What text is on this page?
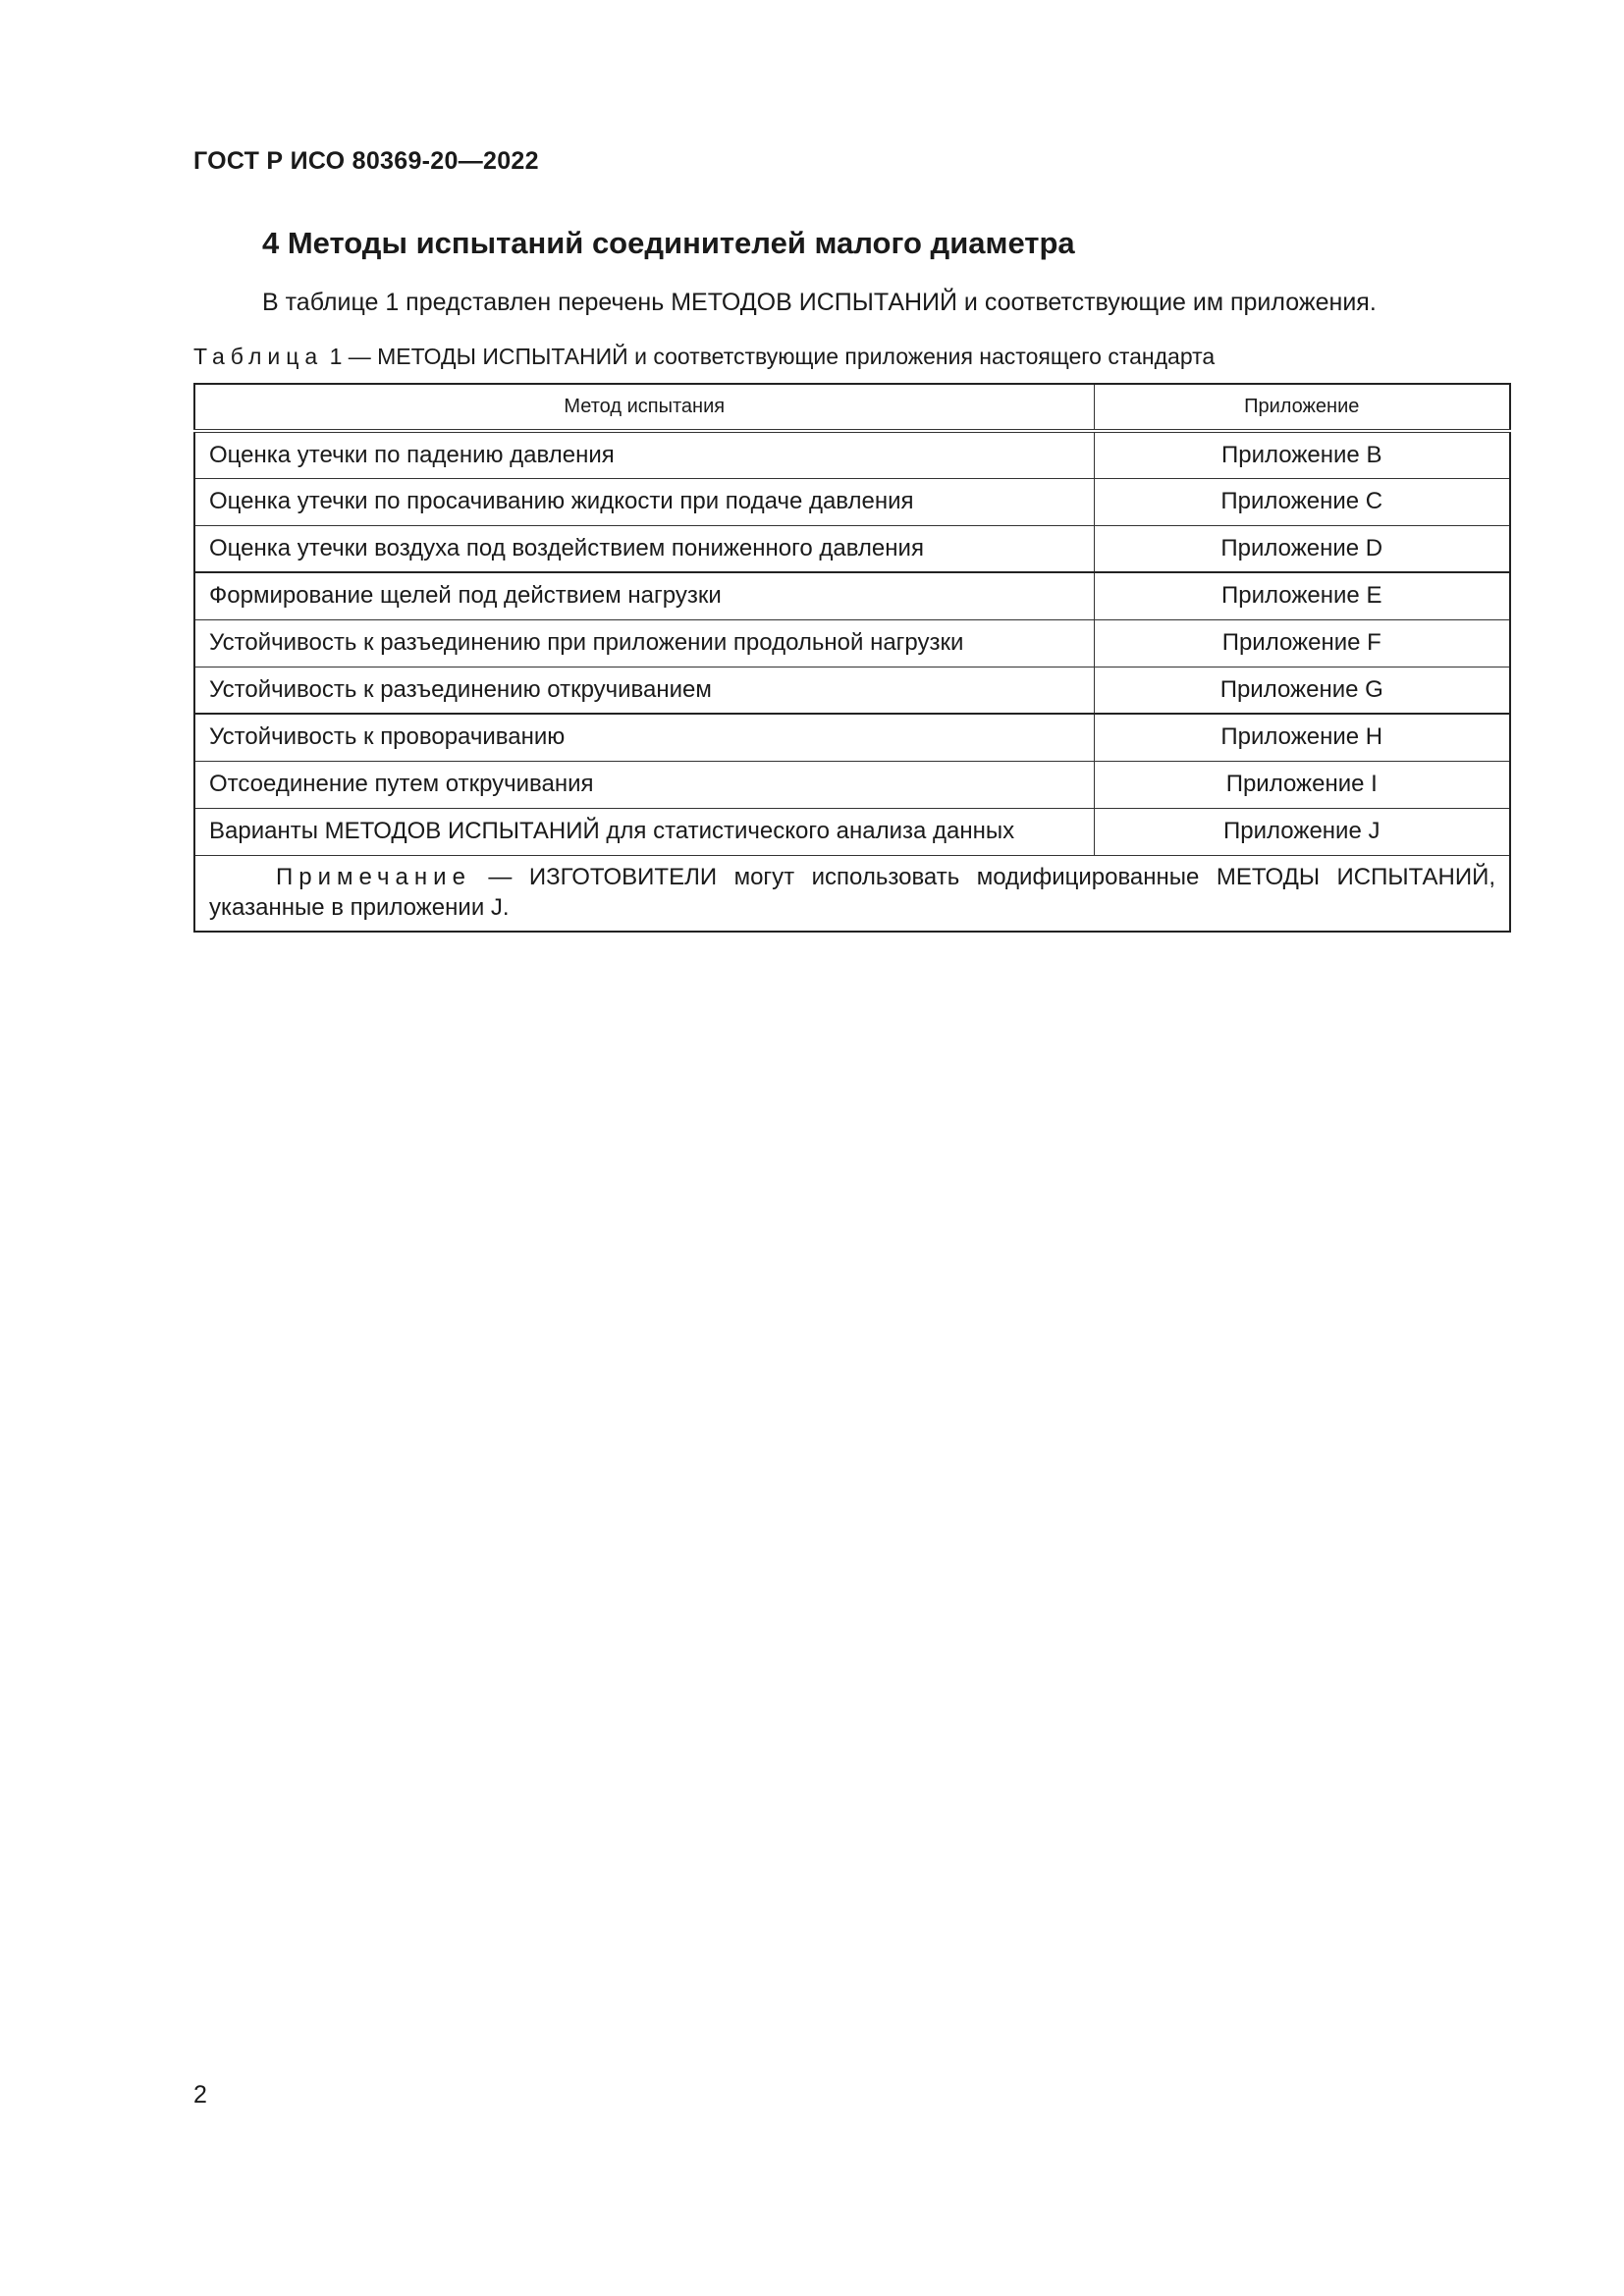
ГОСТ Р ИСО 80369-20—2022
4 Методы испытаний соединителей малого диаметра
В таблице 1 представлен перечень МЕТОДОВ ИСПЫТАНИЙ и соответствующие им приложения.
Таблица 1 — МЕТОДЫ ИСПЫТАНИЙ и соответствующие приложения настоящего стандарта
Метод испытания	Приложение
Оценка утечки по падению давления	Приложение B
Оценка утечки по просачиванию жидкости при подаче давления	Приложение C
Оценка утечки воздуха под воздействием пониженного давления	Приложение D
Формирование щелей под действием нагрузки	Приложение E
Устойчивость к разъединению при приложении продольной нагрузки	Приложение F
Устойчивость к разъединению откручиванием	Приложение G
Устойчивость к проворачиванию	Приложение H
Отсоединение путем откручивания	Приложение I
Варианты МЕТОДОВ ИСПЫТАНИЙ для статистического анализа данных	Приложение J
Примечание — ИЗГОТОВИТЕЛИ могут использовать модифицированные МЕТОДЫ ИСПЫТАНИЙ, указанные в приложении J.	
2
